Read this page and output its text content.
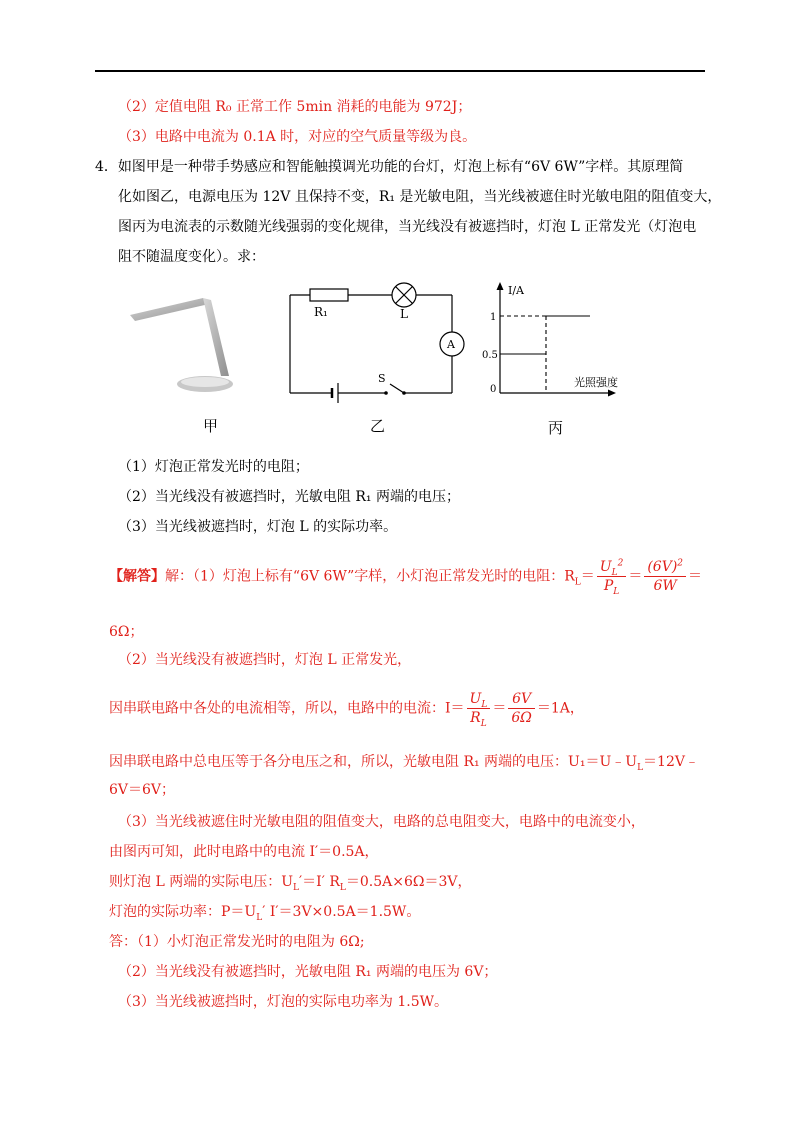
（2）定值电阻 R₀ 正常工作 5min 消耗的电能为 972J；
（3）电路中电流为 0.1A 时，对应的空气质量等级为良。
4．如图甲是一种带手势感应和智能触摸调光功能的台灯，灯泡上标有“6V 6W”字样。其原理简
化如图乙，电源电压为 12V 且保持不变，R₁ 是光敏电阻，当光线被遮住时光敏电阻的阻值变大，
图丙为电流表的示数随光线强弱的变化规律，当光线没有被遮挡时，灯泡 L 正常发光（灯泡电
阻不随温度变化）。求：
甲
R₁	L
A
S
乙
I/A
1
0.5
0
光照强度
丙
（1）灯泡正常发光时的电阻；
（2）当光线没有被遮挡时，光敏电阻 R₁ 两端的电压；
（3）当光线被遮挡时，灯泡 L 的实际功率。
【解答】解：（1）灯泡上标有“6V 6W”字样，小灯泡正常发光时的电阻：$R_L= \frac{U_L^2}{P_L} = \frac{(6V)^2}{6W}$ ＝
6Ω；
（2）当光线没有被遮挡时，灯泡 L 正常发光，
因串联电路中各处的电流相等，所以，电路中的电流：$I= \frac{U_L}{R_L} = \frac{6V}{6\Omega} =1A$，
因串联电路中总电压等于各分电压之和，所以，光敏电阻 R₁ 两端的电压：$U_1=U﹣U_L=12V﹣$
6V＝6V；
（3）当光线被遮住时光敏电阻的阻值变大，电路的总电阻变大，电路中的电流变小，
由图丙可知，此时电路中的电流 I′＝0.5A，
则灯泡 L 两端的实际电压：$U_L'=I'$ $R_L=0.5A\times 6\Omega=3V$，
灯泡的实际功率：$P=U_L'$ I′＝3V×0.5A＝1.5W。
答：（1）小灯泡正常发光时的电阻为 6Ω;
（2）当光线没有被遮挡时，光敏电阻 R₁ 两端的电压为 6V；
（3）当光线被遮挡时，灯泡的实际电功率为 1.5W。
